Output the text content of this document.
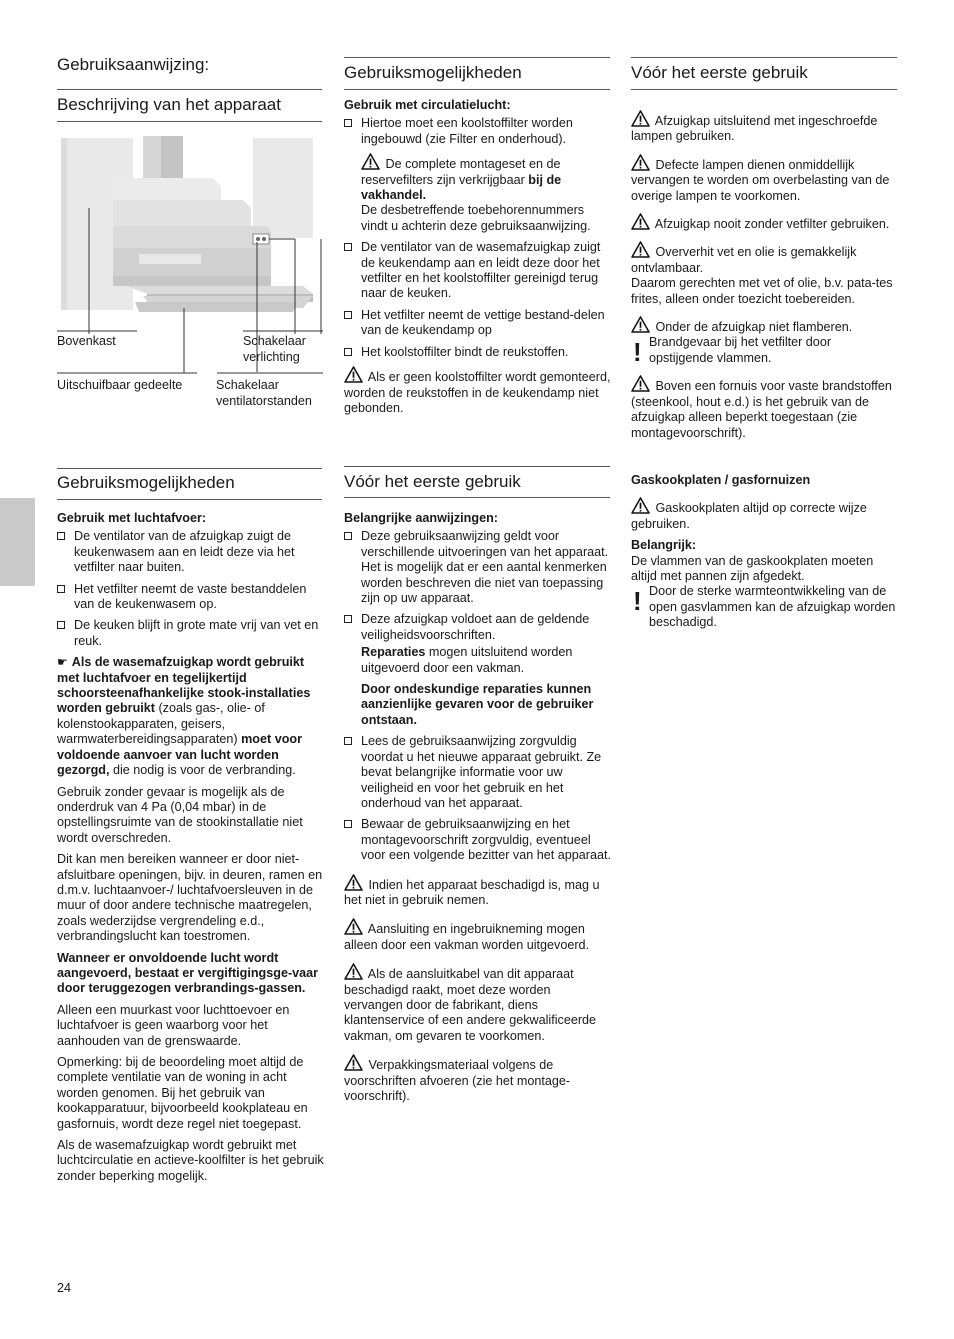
Gebruiksaanwijzing:
Beschrijving van het apparaat
Bovenkast	Schakelaar
verlichting
Uitschuifbaar gedeelte	Schakelaar
ventilatorstanden
Gebruiksmogelijkheden
Gebruik met luchtafvoer:
De ventilator van de afzuigkap zuigt de keukenwasem aan en leidt deze via het vetfilter naar buiten.
Het vetfilter neemt de vaste bestanddelen van de keukenwasem op.
De keuken blijft in grote mate vrij van vet en reuk.
☛ Als de wasemafzuigkap wordt gebruikt met luchtafvoer en tegelijkertijd schoorsteenafhankelijke stook-installaties worden gebruikt (zoals gas-, olie- of kolenstookapparaten, geisers, warmwaterbereidingsapparaten) moet voor voldoende aanvoer van lucht worden gezorgd, die nodig is voor de verbranding.
Gebruik zonder gevaar is mogelijk als de onderdruk van 4 Pa (0,04 mbar) in de opstellingsruimte van de stookinstallatie niet wordt overschreden.
Dit kan men bereiken wanneer er door niet-afsluitbare openingen, bijv. in deuren, ramen en d.m.v. luchtaanvoer-/ luchtafvoersleuven in de muur of door andere technische maatregelen, zoals wederzijdse vergrendeling e.d., verbrandingslucht kan toestromen.
Wanneer er onvoldoende lucht wordt aangevoerd, bestaat er vergiftigingsge-vaar door teruggezogen verbrandings-gassen.
Alleen een muurkast voor luchttoevoer en luchtafvoer is geen waarborg voor het aanhouden van de grenswaarde.
Opmerking: bij de beoordeling moet altijd de complete ventilatie van de woning in acht worden genomen. Bij het gebruik van kookapparatuur, bijvoorbeeld kookplateau en gasfornuis, wordt deze regel niet toegepast.
Als de wasemafzuigkap wordt gebruikt met luchtcirculatie en actieve-koolfilter is het gebruik zonder beperking mogelijk.
Gebruiksmogelijkheden
Gebruik met circulatielucht:
Hiertoe moet een koolstoffilter worden ingebouwd (zie Filter en onderhoud).
De complete montageset en de reservefilters zijn verkrijgbaar bij de vakhandel.
De desbetreffende toebehorennummers vindt u achterin deze gebruiksaanwijzing.
De ventilator van de wasemafzuigkap zuigt de keukendamp aan en leidt deze door het vetfilter en het koolstoffilter gereinigd terug naar de keuken.
Het vetfilter neemt de vettige bestand-delen van de keukendamp op
Het koolstoffilter bindt de reukstoffen.
Als er geen koolstoffilter wordt gemonteerd, worden de reukstoffen in de keukendamp niet gebonden.
Vóór het eerste gebruik
Belangrijke aanwijzingen:
Deze gebruiksaanwijzing geldt voor verschillende uitvoeringen van het apparaat. Het is mogelijk dat er een aantal kenmerken worden beschreven die niet van toepassing zijn op uw apparaat.
Deze afzuigkap voldoet aan de geldende veiligheidsvoorschriften.
Reparaties mogen uitsluitend worden uitgevoerd door een vakman.
Door ondeskundige reparaties kunnen aanzienlijke gevaren voor de gebruiker ontstaan.
Lees de gebruiksaanwijzing zorgvuldig voordat u het nieuwe apparaat gebruikt. Ze bevat belangrijke informatie voor uw veiligheid en voor het gebruik en het onderhoud van het apparaat.
Bewaar de gebruiksaanwijzing en het montagevoorschrift zorgvuldig, eventueel voor een volgende bezitter van het apparaat.
Indien het apparaat beschadigd is, mag u het niet in gebruik nemen.
Aansluiting en ingebruikneming mogen alleen door een vakman worden uitgevoerd.
Als de aansluitkabel van dit apparaat beschadigd raakt, moet deze worden vervangen door de fabrikant, diens klantenservice of een andere gekwalificeerde vakman, om gevaren te voorkomen.
Verpakkingsmateriaal volgens de voorschriften afvoeren (zie het montage-voorschrift).
Vóór het eerste gebruik
Afzuigkap uitsluitend met ingeschroefde lampen gebruiken.
Defecte lampen dienen onmiddellijk vervangen te worden om overbelasting van de overige lampen te voorkomen.
Afzuigkap nooit zonder vetfilter gebruiken.
Oververhit vet en olie is gemakkelijk ontvlambaar.
Daarom gerechten met vet of olie, b.v. pata-tes frites, alleen onder toezicht toebereiden.
Onder de afzuigkap niet flamberen.
! Brandgevaar bij het vetfilter door opstijgende vlammen.
Boven een fornuis voor vaste brandstoffen (steenkool, hout e.d.) is het gebruik van de afzuigkap alleen beperkt toegestaan (zie montagevoorschrift).
Gaskookplaten / gasfornuizen
Gaskookplaten altijd op correcte wijze gebruiken.
Belangrijk:
De vlammen van de gaskookplaten moeten altijd met pannen zijn afgedekt.
! Door de sterke warmteontwikkeling van de open gasvlammen kan de afzuigkap worden beschadigd.
24
